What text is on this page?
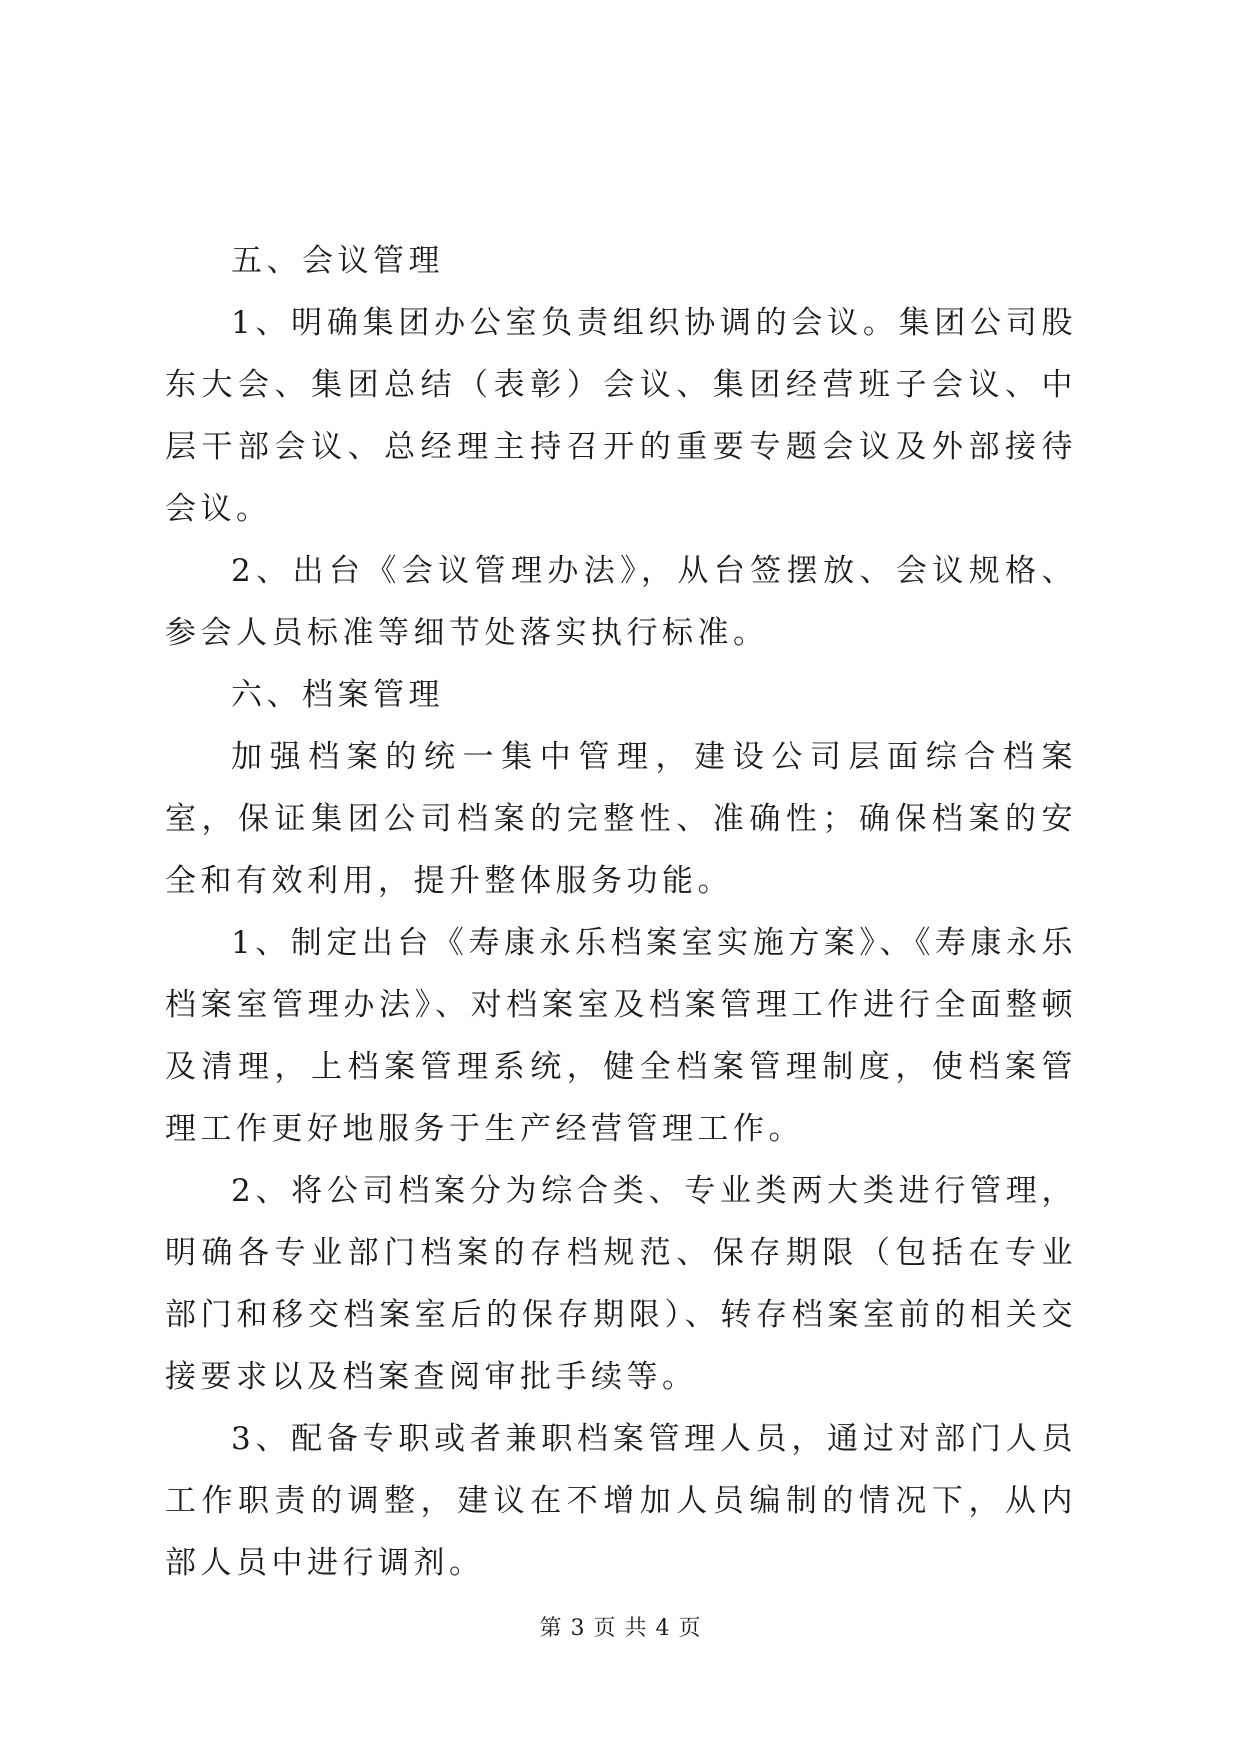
五、会议管理

1、明确集团办公室负责组织协调的会议。集团公司股东大会、集团总结（表彰）会议、集团经营班子会议、中层干部会议、总经理主持召开的重要专题会议及外部接待会议。

2、出台《会议管理办法》，从台签摆放、会议规格、参会人员标准等细节处落实执行标准。

六、档案管理

加强档案的统一集中管理，建设公司层面综合档案室，保证集团公司档案的完整性、准确性；确保档案的安全和有效利用，提升整体服务功能。

1、制定出台《寿康永乐档案室实施方案》、《寿康永乐档案室管理办法》、对档案室及档案管理工作进行全面整顿及清理，上档案管理系统，健全档案管理制度，使档案管理工作更好地服务于生产经营管理工作。

2、将公司档案分为综合类、专业类两大类进行管理，明确各专业部门档案的存档规范、保存期限（包括在专业部门和移交档案室后的保存期限）、转存档案室前的相关交接要求以及档案查阅审批手续等。

3、配备专职或者兼职档案管理人员，通过对部门人员工作职责的调整，建议在不增加人员编制的情况下，从内部人员中进行调剂。

第 3 页 共 4 页
